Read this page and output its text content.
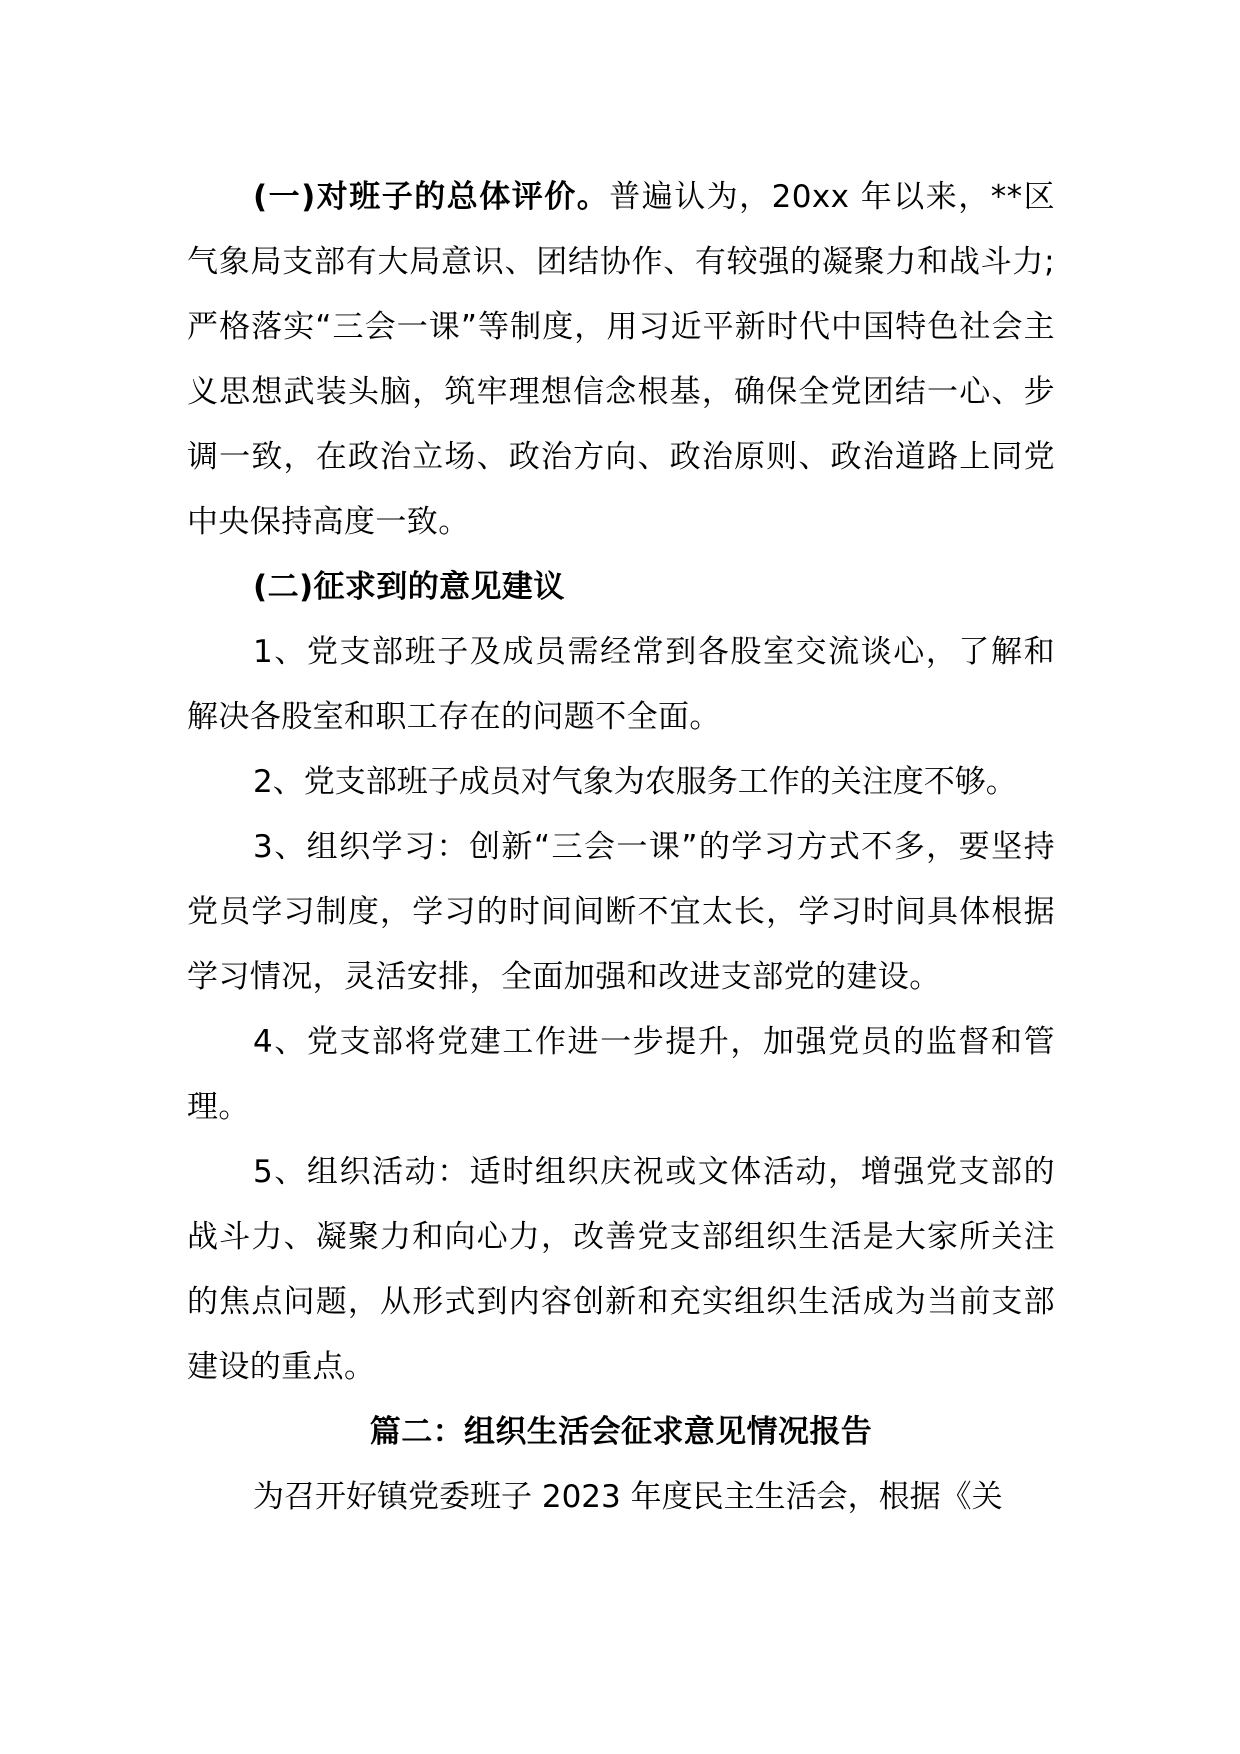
(一)对班子的总体评价。普遍认为，20xx 年以来，**区气象局支部有大局意识、团结协作、有较强的凝聚力和战斗力;严格落实“三会一课”等制度，用习近平新时代中国特色社会主义思想武装头脑，筑牢理想信念根基，确保全党团结一心、步调一致，在政治立场、政治方向、政治原则、政治道路上同党中央保持高度一致。

(二)征求到的意见建议

1、党支部班子及成员需经常到各股室交流谈心，了解和解决各股室和职工存在的问题不全面。

2、党支部班子成员对气象为农服务工作的关注度不够。

3、组织学习：创新“三会一课”的学习方式不多，要坚持党员学习制度，学习的时间间断不宜太长，学习时间具体根据学习情况，灵活安排，全面加强和改进支部党的建设。

4、党支部将党建工作进一步提升，加强党员的监督和管理。

5、组织活动：适时组织庆祝或文体活动，增强党支部的战斗力、凝聚力和向心力，改善党支部组织生活是大家所关注的焦点问题，从形式到内容创新和充实组织生活成为当前支部建设的重点。

篇二：组织生活会征求意见情况报告

为召开好镇党委班子 2023 年度民主生活会，根据《关
